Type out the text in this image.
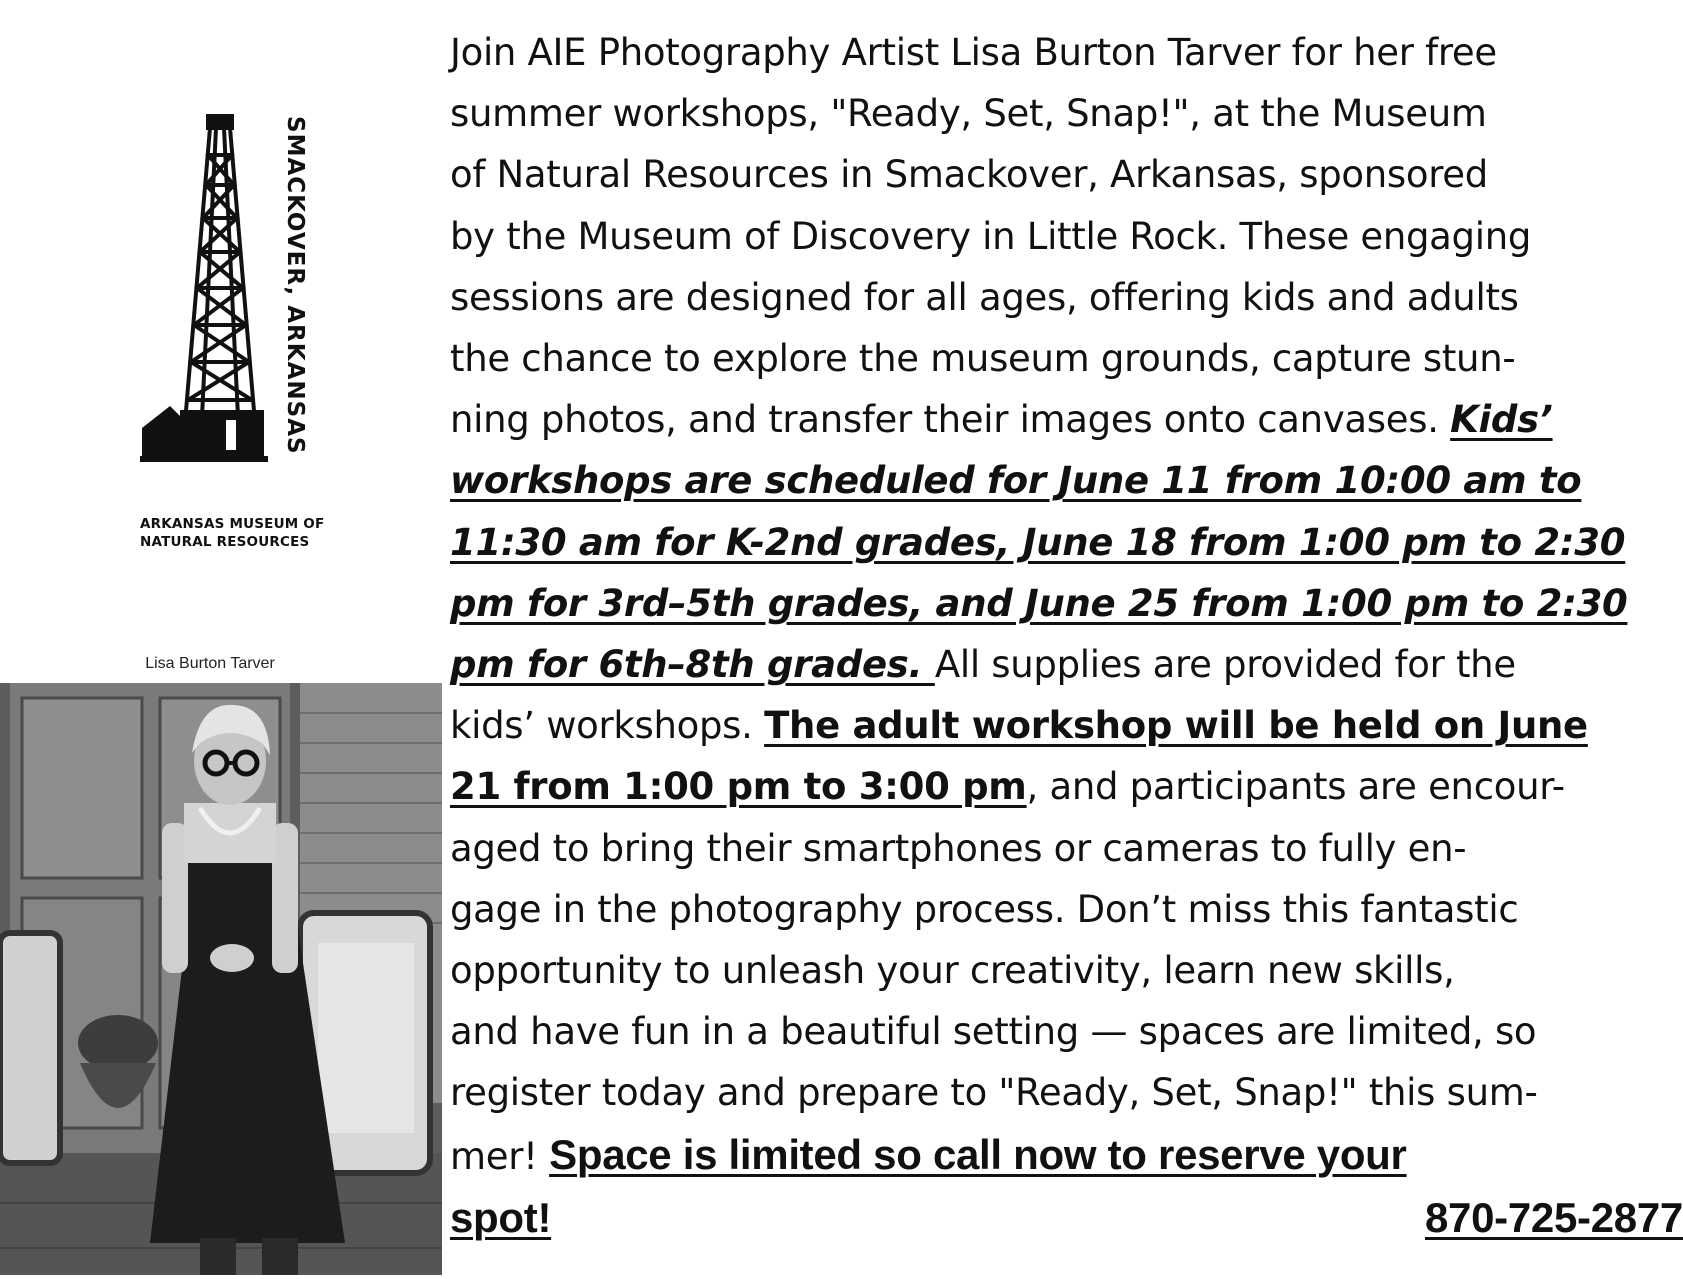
SMACKOVER, ARKANSAS
ARKANSAS MUSEUM OF
NATURAL RESOURCES
Lisa Burton Tarver
Join AIE Photography Artist Lisa Burton Tarver for her free
summer workshops, "Ready, Set, Snap!", at the Museum
of Natural Resources in Smackover, Arkansas, sponsored
by the Museum of Discovery in Little Rock. These engaging
sessions are designed for all ages, offering kids and adults
the chance to explore the museum grounds, capture stun-
ning photos, and transfer their images onto canvases. Kids’
workshops are scheduled for June 11 from 10:00 am to
11:30 am for K-2nd grades, June 18 from 1:00 pm to 2:30
pm for 3rd–5th grades, and June 25 from 1:00 pm to 2:30
pm for 6th–8th grades. All supplies are provided for the
kids’ workshops. The adult workshop will be held on June
21 from 1:00 pm to 3:00 pm, and participants are encour-
aged to bring their smartphones or cameras to fully en-
gage in the photography process. Don’t miss this fantastic
opportunity to unleash your creativity, learn new skills,
and have fun in a beautiful setting — spaces are limited, so
register today and prepare to "Ready, Set, Snap!" this sum-
mer! Space is limited so call now to reserve your
spot!	870-725-2877
